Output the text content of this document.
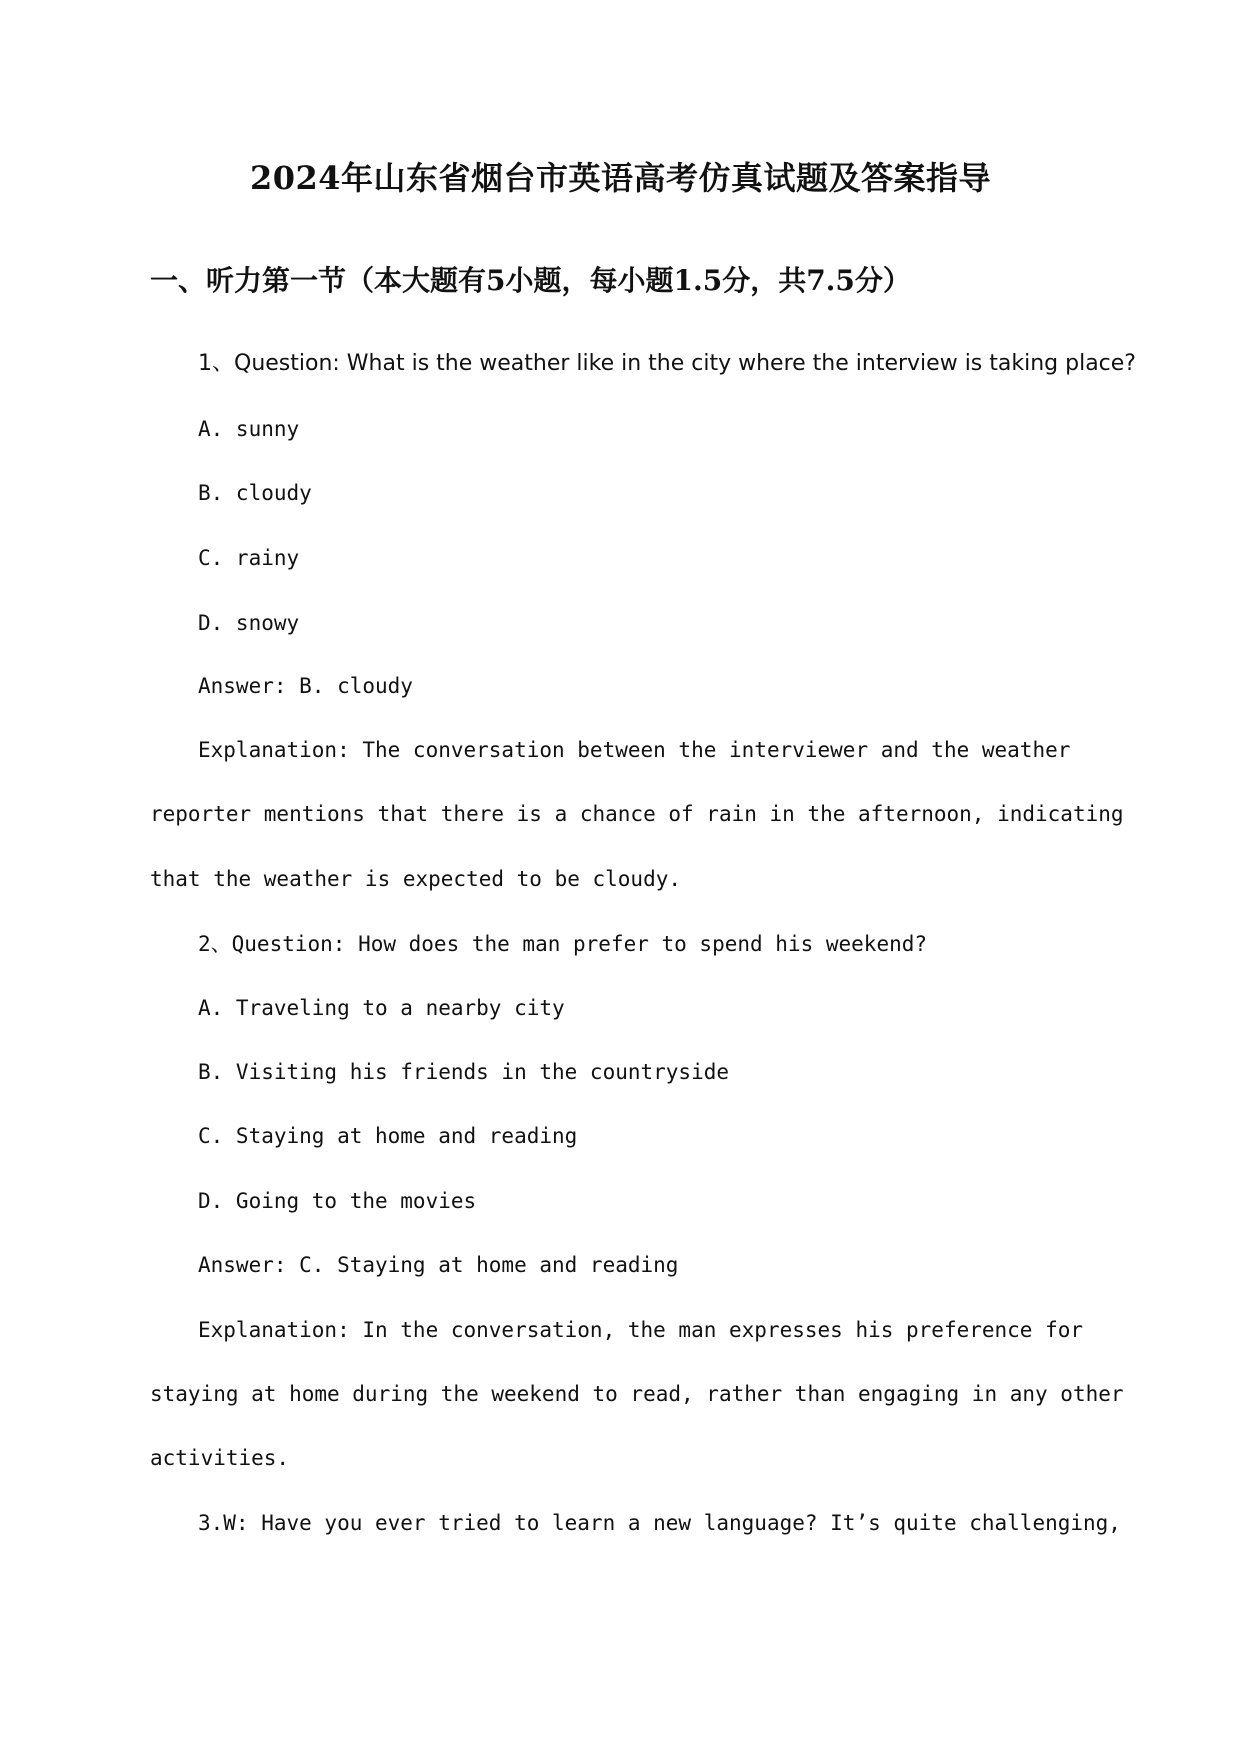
2024年山东省烟台市英语高考仿真试题及答案指导
一、听力第一节（本大题有5小题，每小题1.5分，共7.5分）
1、Question: What is the weather like in the city where the interview is taking place?
A. sunny
B. cloudy
C. rainy
D. snowy
Answer: B. cloudy
Explanation: The conversation between the interviewer and the weather
reporter mentions that there is a chance of rain in the afternoon, indicating
that the weather is expected to be cloudy.
2、Question: How does the man prefer to spend his weekend?
A. Traveling to a nearby city
B. Visiting his friends in the countryside
C. Staying at home and reading
D. Going to the movies
Answer: C. Staying at home and reading
Explanation: In the conversation, the man expresses his preference for
staying at home during the weekend to read, rather than engaging in any other
activities.
3.W: Have you ever tried to learn a new language? It’s quite challenging,
